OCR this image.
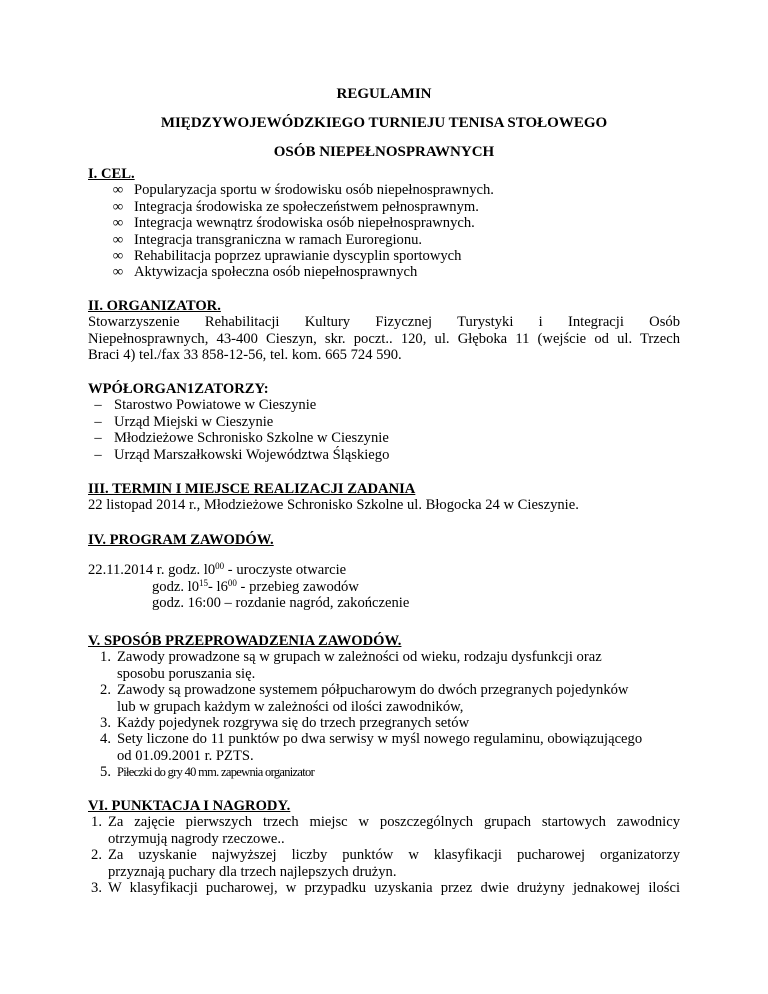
REGULAMIN
MIĘDZYWOJEWÓDZKIEGO TURNIEJU TENISA STOŁOWEGO
OSÓB NIEPEŁNOSPRAWNYCH
I. CEL.
∞ Popularyzacja sportu w środowisku osób niepełnosprawnych.
∞ Integracja środowiska ze społeczeństwem pełnosprawnym.
∞ Integracja wewnątrz środowiska osób niepełnosprawnych.
∞ Integracja transgraniczna w ramach Euroregionu.
∞ Rehabilitacja poprzez uprawianie dyscyplin sportowych
∞ Aktywizacja społeczna osób niepełnosprawnych
II. ORGANIZATOR.
Stowarzyszenie Rehabilitacji Kultury Fizycznej Turystyki i Integracji Osób
Niepełnosprawnych, 43-400 Cieszyn, skr. poczt.. 120, ul. Głęboka 11 (wejście od ul. Trzech
Braci 4) tel./fax 33 858-12-56, tel. kom. 665 724 590.
WPÓŁORGAN1ZATORZY:
– Starostwo Powiatowe w Cieszynie
– Urząd Miejski w Cieszynie
– Młodzieżowe Schronisko Szkolne w Cieszynie
– Urząd Marszałkowski Województwa Śląskiego
III. TERMIN I MIEJSCE REALIZACJI ZADANIA
22 listopad 2014 r., Młodzieżowe Schronisko Szkolne ul. Błogocka 24 w Cieszynie.
IV. PROGRAM ZAWODÓW.
22.11.2014 r. godz. $l0^{00}$ - uroczyste otwarcie
godz. $l0^{15}-$ $l6^{00}$ - przebieg zawodów
godz. 16:00 – rozdanie nagród, zakończenie
V. SPOSÓB PRZEPROWADZENIA ZAWODÓW.
1. Zawody prowadzone są w grupach w zależności od wieku, rodzaju dysfunkcji oraz
sposobu poruszania się.
2. Zawody są prowadzone systemem półpucharowym do dwóch przegranych pojedynków
lub w grupach każdym w zależności od ilości zawodników,
3. Każdy pojedynek rozgrywa się do trzech przegranych setów
4. Sety liczone do 11 punktów po dwa serwisy w myśl nowego regulaminu, obowiązującego
od 01.09.2001 r. PZTS.
5. Piłeczki do gry 40 mm. zapewnia organizator
VI. PUNKTACJA I NAGRODY.
1. Za zajęcie pierwszych trzech miejsc w poszczególnych grupach startowych zawodnicy
otrzymują nagrody rzeczowe..
2. Za uzyskanie najwyższej liczby punktów w klasyfikacji pucharowej organizatorzy
przyznają puchary dla trzech najlepszych drużyn.
3. W klasyfikacji pucharowej, w przypadku uzyskania przez dwie drużyny jednakowej ilości
